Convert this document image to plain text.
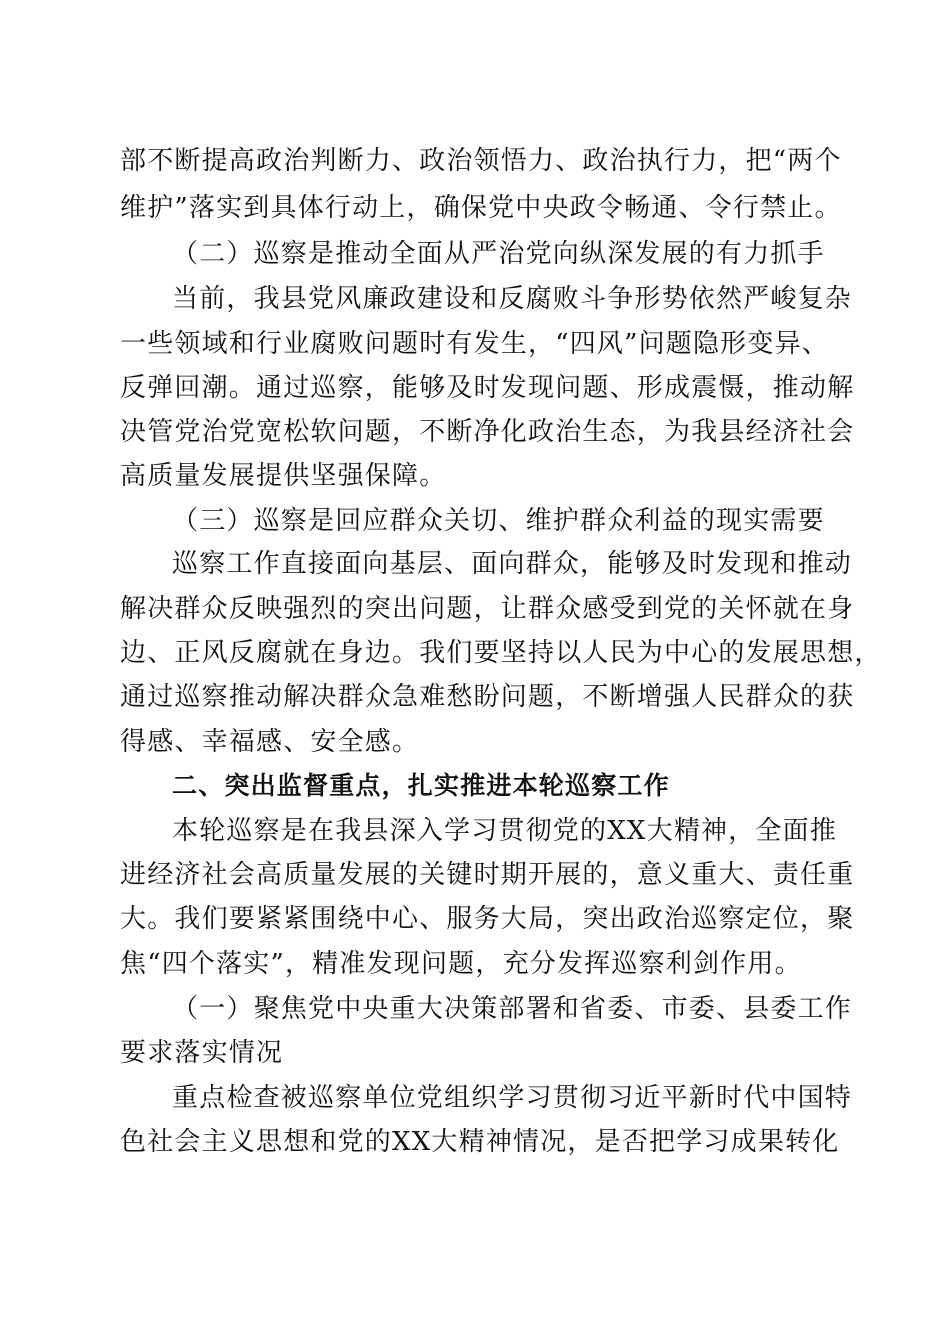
部不断提高政治判断力、政治领悟力、政治执行力，把“两个
维护”落实到具体行动上，确保党中央政令畅通、令行禁止。
（二）巡察是推动全面从严治党向纵深发展的有力抓手
当前，我县党风廉政建设和反腐败斗争形势依然严峻复杂
一些领域和行业腐败问题时有发生，“四风”问题隐形变异、
反弹回潮。通过巡察，能够及时发现问题、形成震慑，推动解
决管党治党宽松软问题，不断净化政治生态，为我县经济社会
高质量发展提供坚强保障。
（三）巡察是回应群众关切、维护群众利益的现实需要
巡察工作直接面向基层、面向群众，能够及时发现和推动
解决群众反映强烈的突出问题，让群众感受到党的关怀就在身
边、正风反腐就在身边。我们要坚持以人民为中心的发展思想，
通过巡察推动解决群众急难愁盼问题，不断增强人民群众的获
得感、幸福感、安全感。
二、突出监督重点，扎实推进本轮巡察工作
本轮巡察是在我县深入学习贯彻党的XX大精神，全面推
进经济社会高质量发展的关键时期开展的，意义重大、责任重
大。我们要紧紧围绕中心、服务大局，突出政治巡察定位，聚
焦“四个落实”，精准发现问题，充分发挥巡察利剑作用。
（一）聚焦党中央重大决策部署和省委、市委、县委工作
要求落实情况
重点检查被巡察单位党组织学习贯彻习近平新时代中国特
色社会主义思想和党的XX大精神情况，是否把学习成果转化
